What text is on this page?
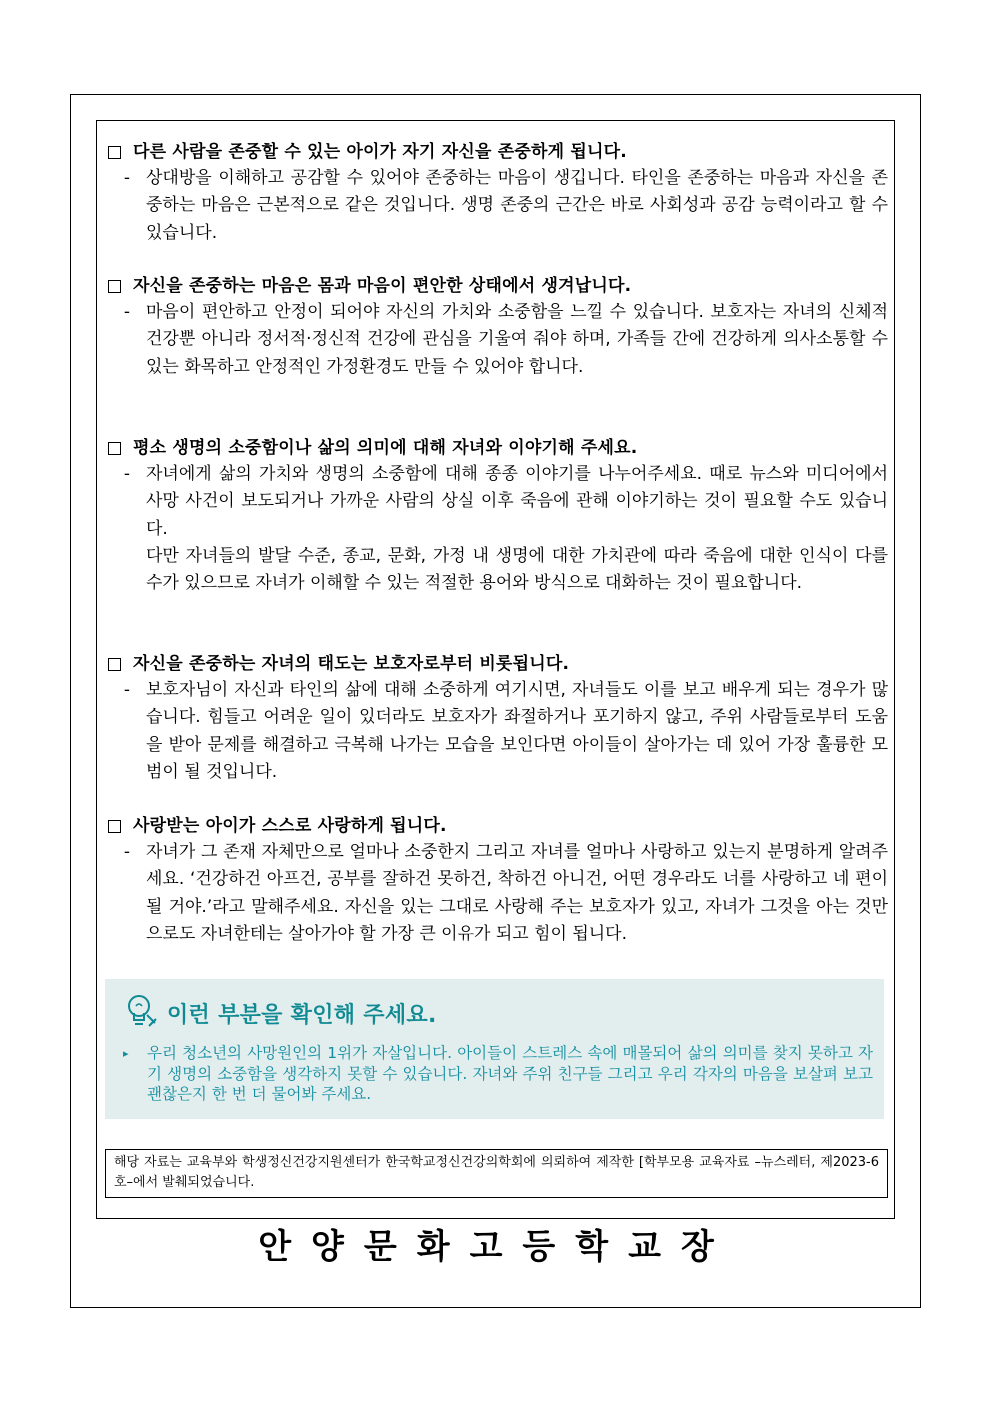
다른 사람을 존중할 수 있는 아이가 자기 자신을 존중하게 됩니다.
- 상대방을 이해하고 공감할 수 있어야 존중하는 마음이 생깁니다. 타인을 존중하는 마음과 자신을 존중하는 마음은 근본적으로 같은 것입니다. 생명 존중의 근간은 바로 사회성과 공감 능력이라고 할 수 있습니다.
자신을 존중하는 마음은 몸과 마음이 편안한 상태에서 생겨납니다.
- 마음이 편안하고 안정이 되어야 자신의 가치와 소중함을 느낄 수 있습니다. 보호자는 자녀의 신체적 건강뿐 아니라 정서적·정신적 건강에 관심을 기울여 줘야 하며, 가족들 간에 건강하게 의사소통할 수 있는 화목하고 안정적인 가정환경도 만들 수 있어야 합니다.
평소 생명의 소중함이나 삶의 의미에 대해 자녀와 이야기해 주세요.
- 자녀에게 삶의 가치와 생명의 소중함에 대해 종종 이야기를 나누어주세요. 때로 뉴스와 미디어에서 사망 사건이 보도되거나 가까운 사람의 상실 이후 죽음에 관해 이야기하는 것이 필요할 수도 있습니다.
다만 자녀들의 발달 수준, 종교, 문화, 가정 내 생명에 대한 가치관에 따라 죽음에 대한 인식이 다를 수가 있으므로 자녀가 이해할 수 있는 적절한 용어와 방식으로 대화하는 것이 필요합니다.
자신을 존중하는 자녀의 태도는 보호자로부터 비롯됩니다.
- 보호자님이 자신과 타인의 삶에 대해 소중하게 여기시면, 자녀들도 이를 보고 배우게 되는 경우가 많습니다. 힘들고 어려운 일이 있더라도 보호자가 좌절하거나 포기하지 않고, 주위 사람들로부터 도움을 받아 문제를 해결하고 극복해 나가는 모습을 보인다면 아이들이 살아가는 데 있어 가장 훌륭한 모범이 될 것입니다.
사랑받는 아이가 스스로 사랑하게 됩니다.
- 자녀가 그 존재 자체만으로 얼마나 소중한지 그리고 자녀를 얼마나 사랑하고 있는지 분명하게 알려주세요. ‘건강하건 아프건, 공부를 잘하건 못하건, 착하건 아니건, 어떤 경우라도 너를 사랑하고 네 편이 될 거야.’라고 말해주세요. 자신을 있는 그대로 사랑해 주는 보호자가 있고, 자녀가 그것을 아는 것만으로도 자녀한테는 살아가야 할 가장 큰 이유가 되고 힘이 됩니다.
이런 부분을 확인해 주세요.
▸	우리 청소년의 사망원인의 1위가 자살입니다. 아이들이 스트레스 속에 매몰되어 삶의 의미를 찾지 못하고 자기 생명의 소중함을 생각하지 못할 수 있습니다. 자녀와 주위 친구들 그리고 우리 각자의 마음을 보살펴 보고 괜찮은지 한 번 더 물어봐 주세요.
해당 자료는 교육부와 학생정신건강지원센터가 한국학교정신건강의학회에 의뢰하여 제작한 [학부모용 교육자료 –뉴스레터, 제2023-6호–에서 발췌되었습니다.
안양문화고등학교장
